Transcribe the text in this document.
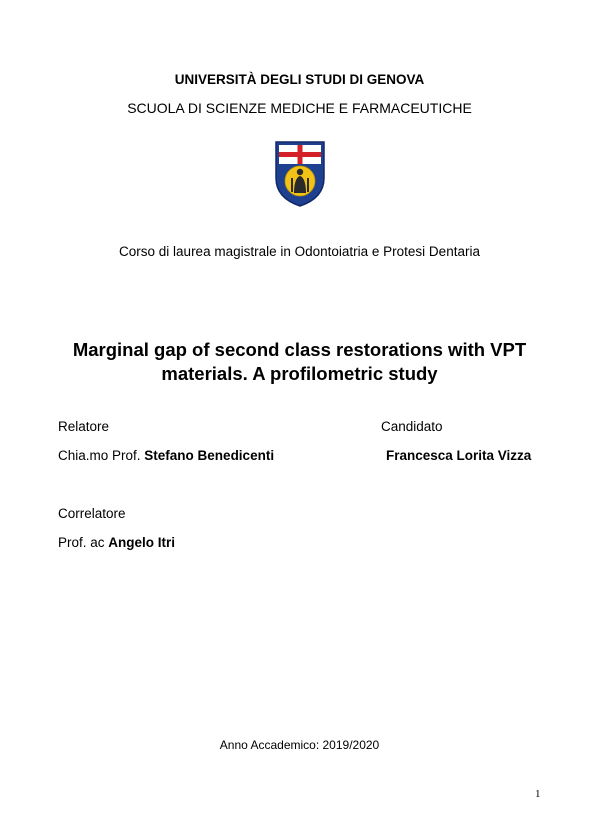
UNIVERSITÀ DEGLI STUDI DI GENOVA
SCUOLA DI SCIENZE MEDICHE E FARMACEUTICHE
Corso di laurea magistrale in Odontoiatria e Protesi Dentaria
Marginal gap of second class restorations with VPT
materials. A profilometric study
Relatore
Chia.mo Prof. Stefano Benedicenti
Candidato
Francesca Lorita Vizza
Correlatore
Prof. ac Angelo Itri
Anno Accademico: 2019/2020
1
